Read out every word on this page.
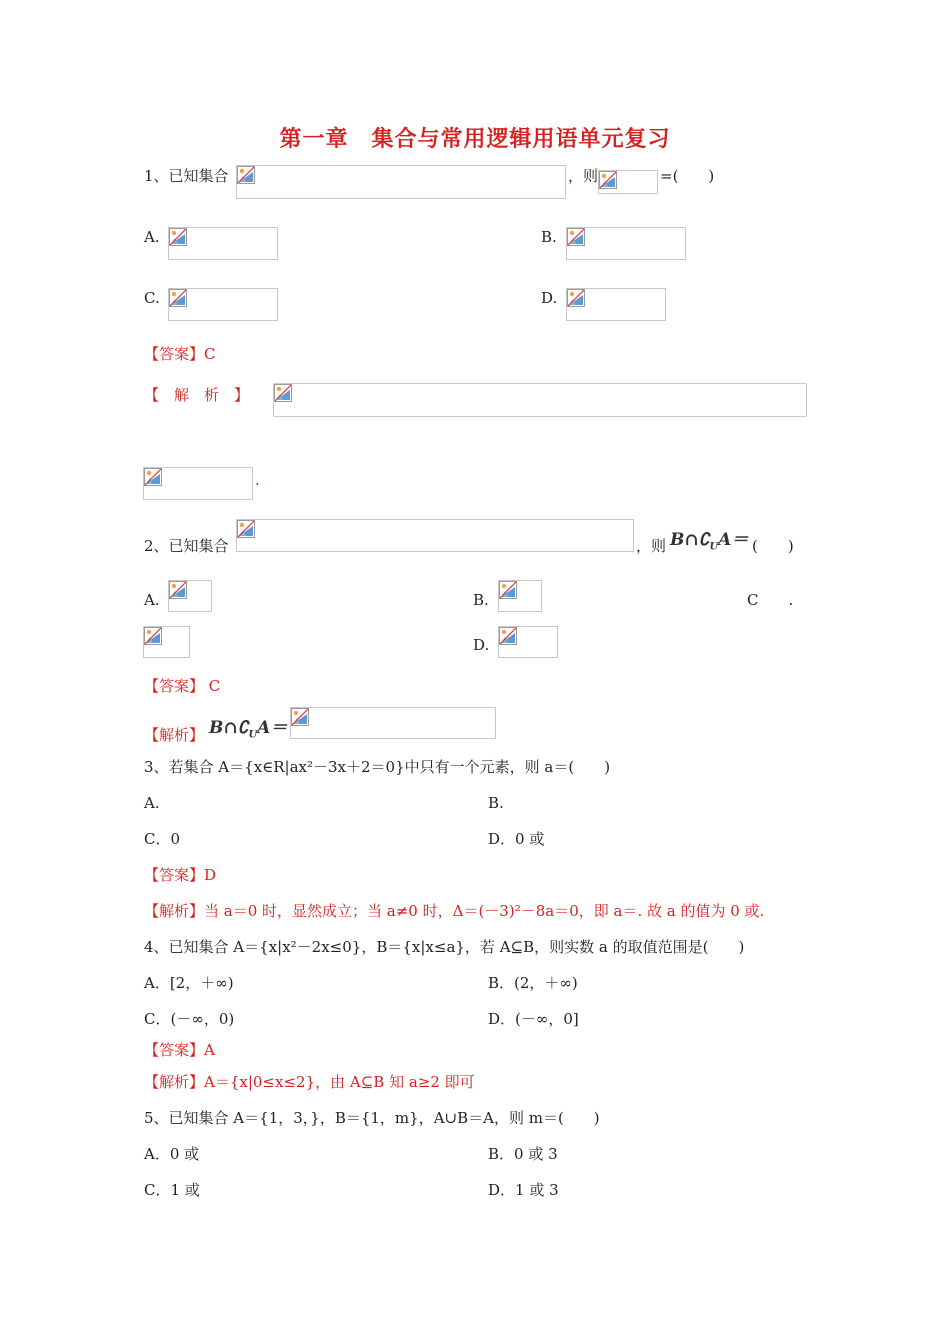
第一章　集合与常用逻辑用语单元复习
1、已知集合	，则	=(　　)
A.	B.
C.	D.
【答案】C
【　解　析　】
.
2、已知集合	，则 $B\cap∁_UA=$ (　　)
A.	B.	C　　.
D.
【答案】 C
【解析】 $B\cap∁_UA=$
3、若集合 A＝{x∈R|ax²－3x＋2＝0}中只有一个元素，则 a＝(　　)
A.	B.
C．0	D．0 或
【答案】D
【解析】当 a＝0 时，显然成立；当 a≠0 时，Δ＝(－3)²－8a＝0，即 a＝. 故 a 的值为 0 或.
4、已知集合 A＝{x|x²－2x≤0}，B＝{x|x≤a}，若 A⊆B，则实数 a 的取值范围是(　　)
A．[2，＋∞)	B．(2，＋∞)
C．(－∞，0)	D．(－∞，0]
【答案】A
【解析】A＝{x|0≤x≤2}，由 A⊆B 知 a≥2 即可
5、已知集合 A＝{1，3，}，B＝{1，m}，A∪B＝A，则 m＝(　　)
A．0 或	B．0 或 3
C．1 或	D．1 或 3
